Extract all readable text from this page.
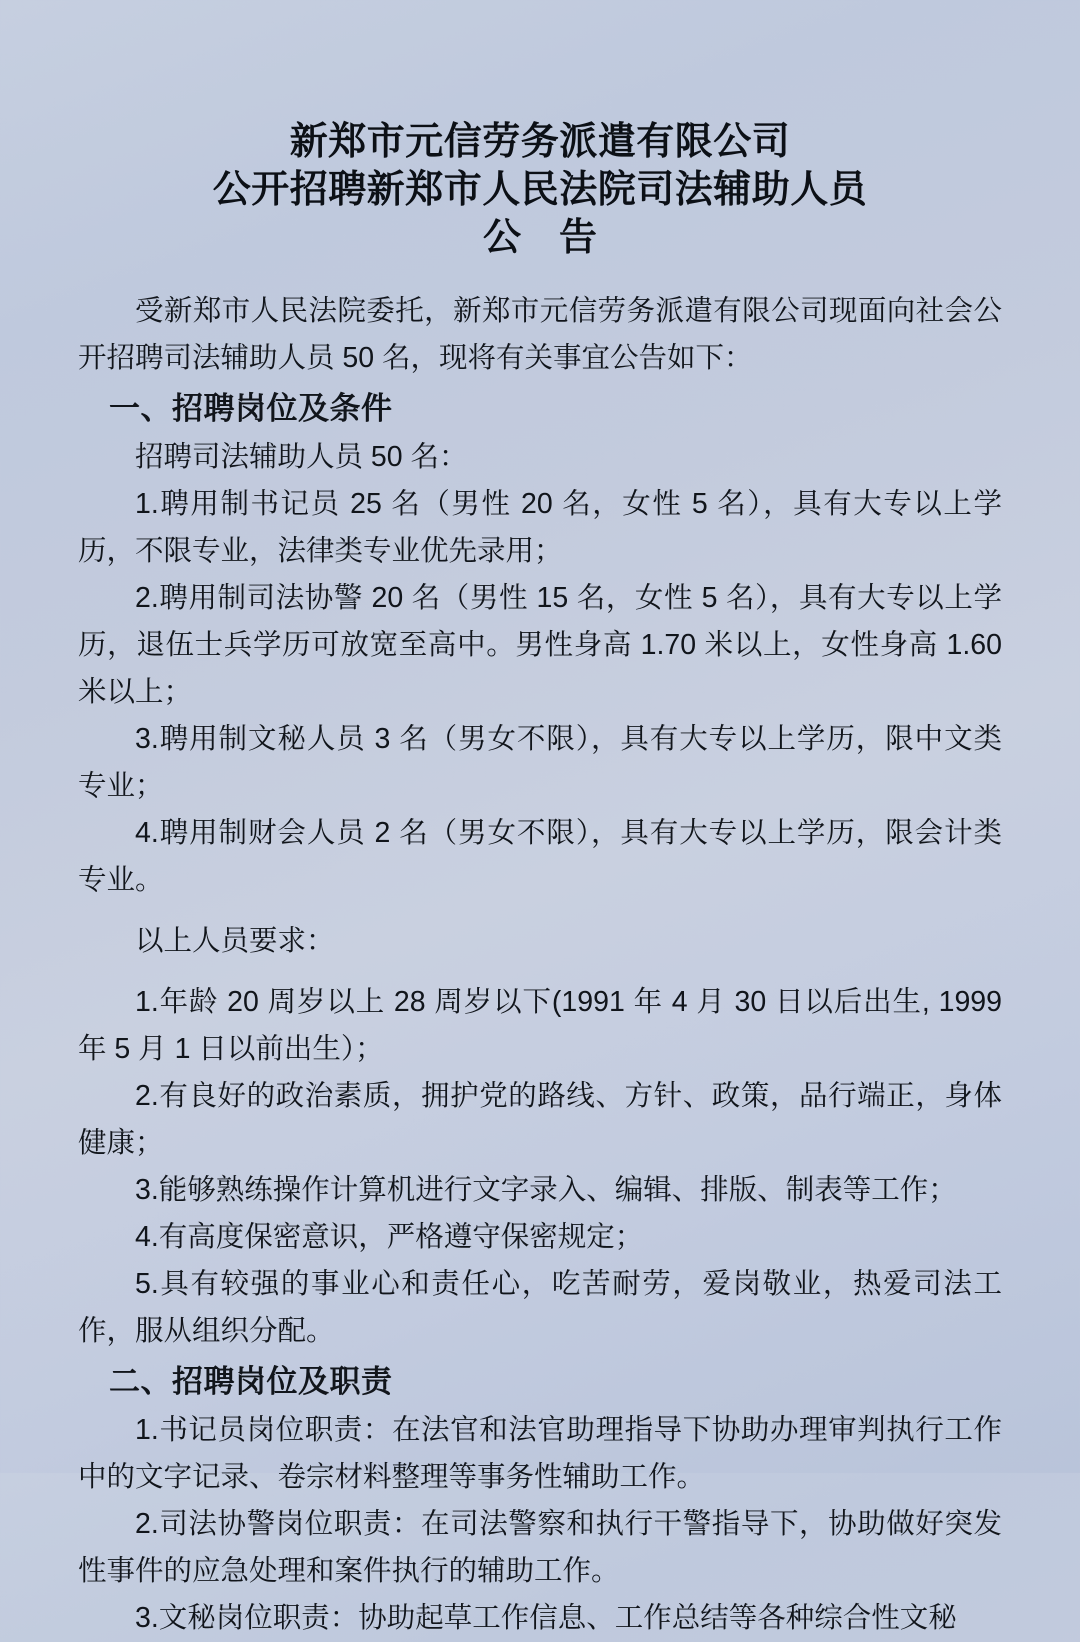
新郑市元信劳务派遣有限公司
公开招聘新郑市人民法院司法辅助人员
公告

受新郑市人民法院委托，新郑市元信劳务派遣有限公司现面向社会公开招聘司法辅助人员 50 名，现将有关事宜公告如下：

一、招聘岗位及条件

招聘司法辅助人员 50 名：

1.聘用制书记员 25 名（男性 20 名，女性 5 名），具有大专以上学历，不限专业，法律类专业优先录用；

2.聘用制司法协警 20 名（男性 15 名，女性 5 名），具有大专以上学历，退伍士兵学历可放宽至高中。男性身高 1.70 米以上，女性身高 1.60 米以上；

3.聘用制文秘人员 3 名（男女不限），具有大专以上学历，限中文类专业；

4.聘用制财会人员 2 名（男女不限），具有大专以上学历，限会计类专业。

以上人员要求：

1.年龄 20 周岁以上 28 周岁以下(1991 年 4 月 30 日以后出生, 1999 年 5 月 1 日以前出生）；

2.有良好的政治素质，拥护党的路线、方针、政策，品行端正，身体健康；

3.能够熟练操作计算机进行文字录入、编辑、排版、制表等工作；

4.有高度保密意识，严格遵守保密规定；

5.具有较强的事业心和责任心，吃苦耐劳，爱岗敬业，热爱司法工作，服从组织分配。

二、招聘岗位及职责

1.书记员岗位职责：在法官和法官助理指导下协助办理审判执行工作中的文字记录、卷宗材料整理等事务性辅助工作。

2.司法协警岗位职责：在司法警察和执行干警指导下，协助做好突发性事件的应急处理和案件执行的辅助工作。

3.文秘岗位职责：协助起草工作信息、工作总结等各种综合性文秘
